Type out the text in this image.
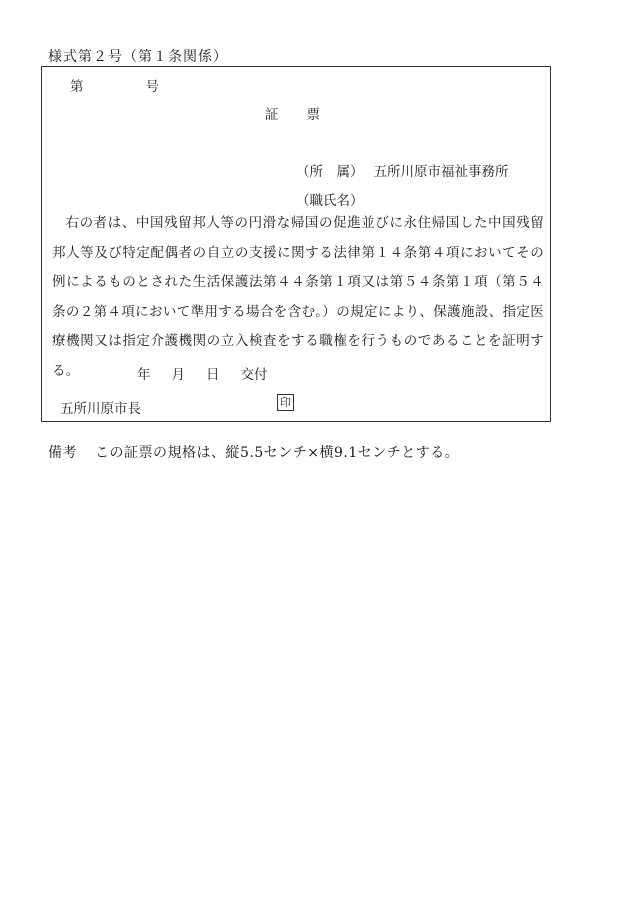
様式第２号（第１条関係）
第	号
証 票
（所　属） 五所川原市福祉事務所
（職氏名）

右の者は、中国残留邦人等の円滑な帰国の促進並びに永住帰国した中国残留邦人等及び特定配偶者の自立の支援に関する法律第１４条第４項においてその例によるものとされた生活保護法第４４条第１項又は第５４条第１項（第５４条の２第４項において準用する場合を含む。）の規定により、保護施設、指定医療機関又は指定介護機関の立入検査をする職権を行うものであることを証明する。	年 月 日 交付
五所川原市長	印
備考 この証票の規格は、縦5.5センチ×横9.1センチとする。
